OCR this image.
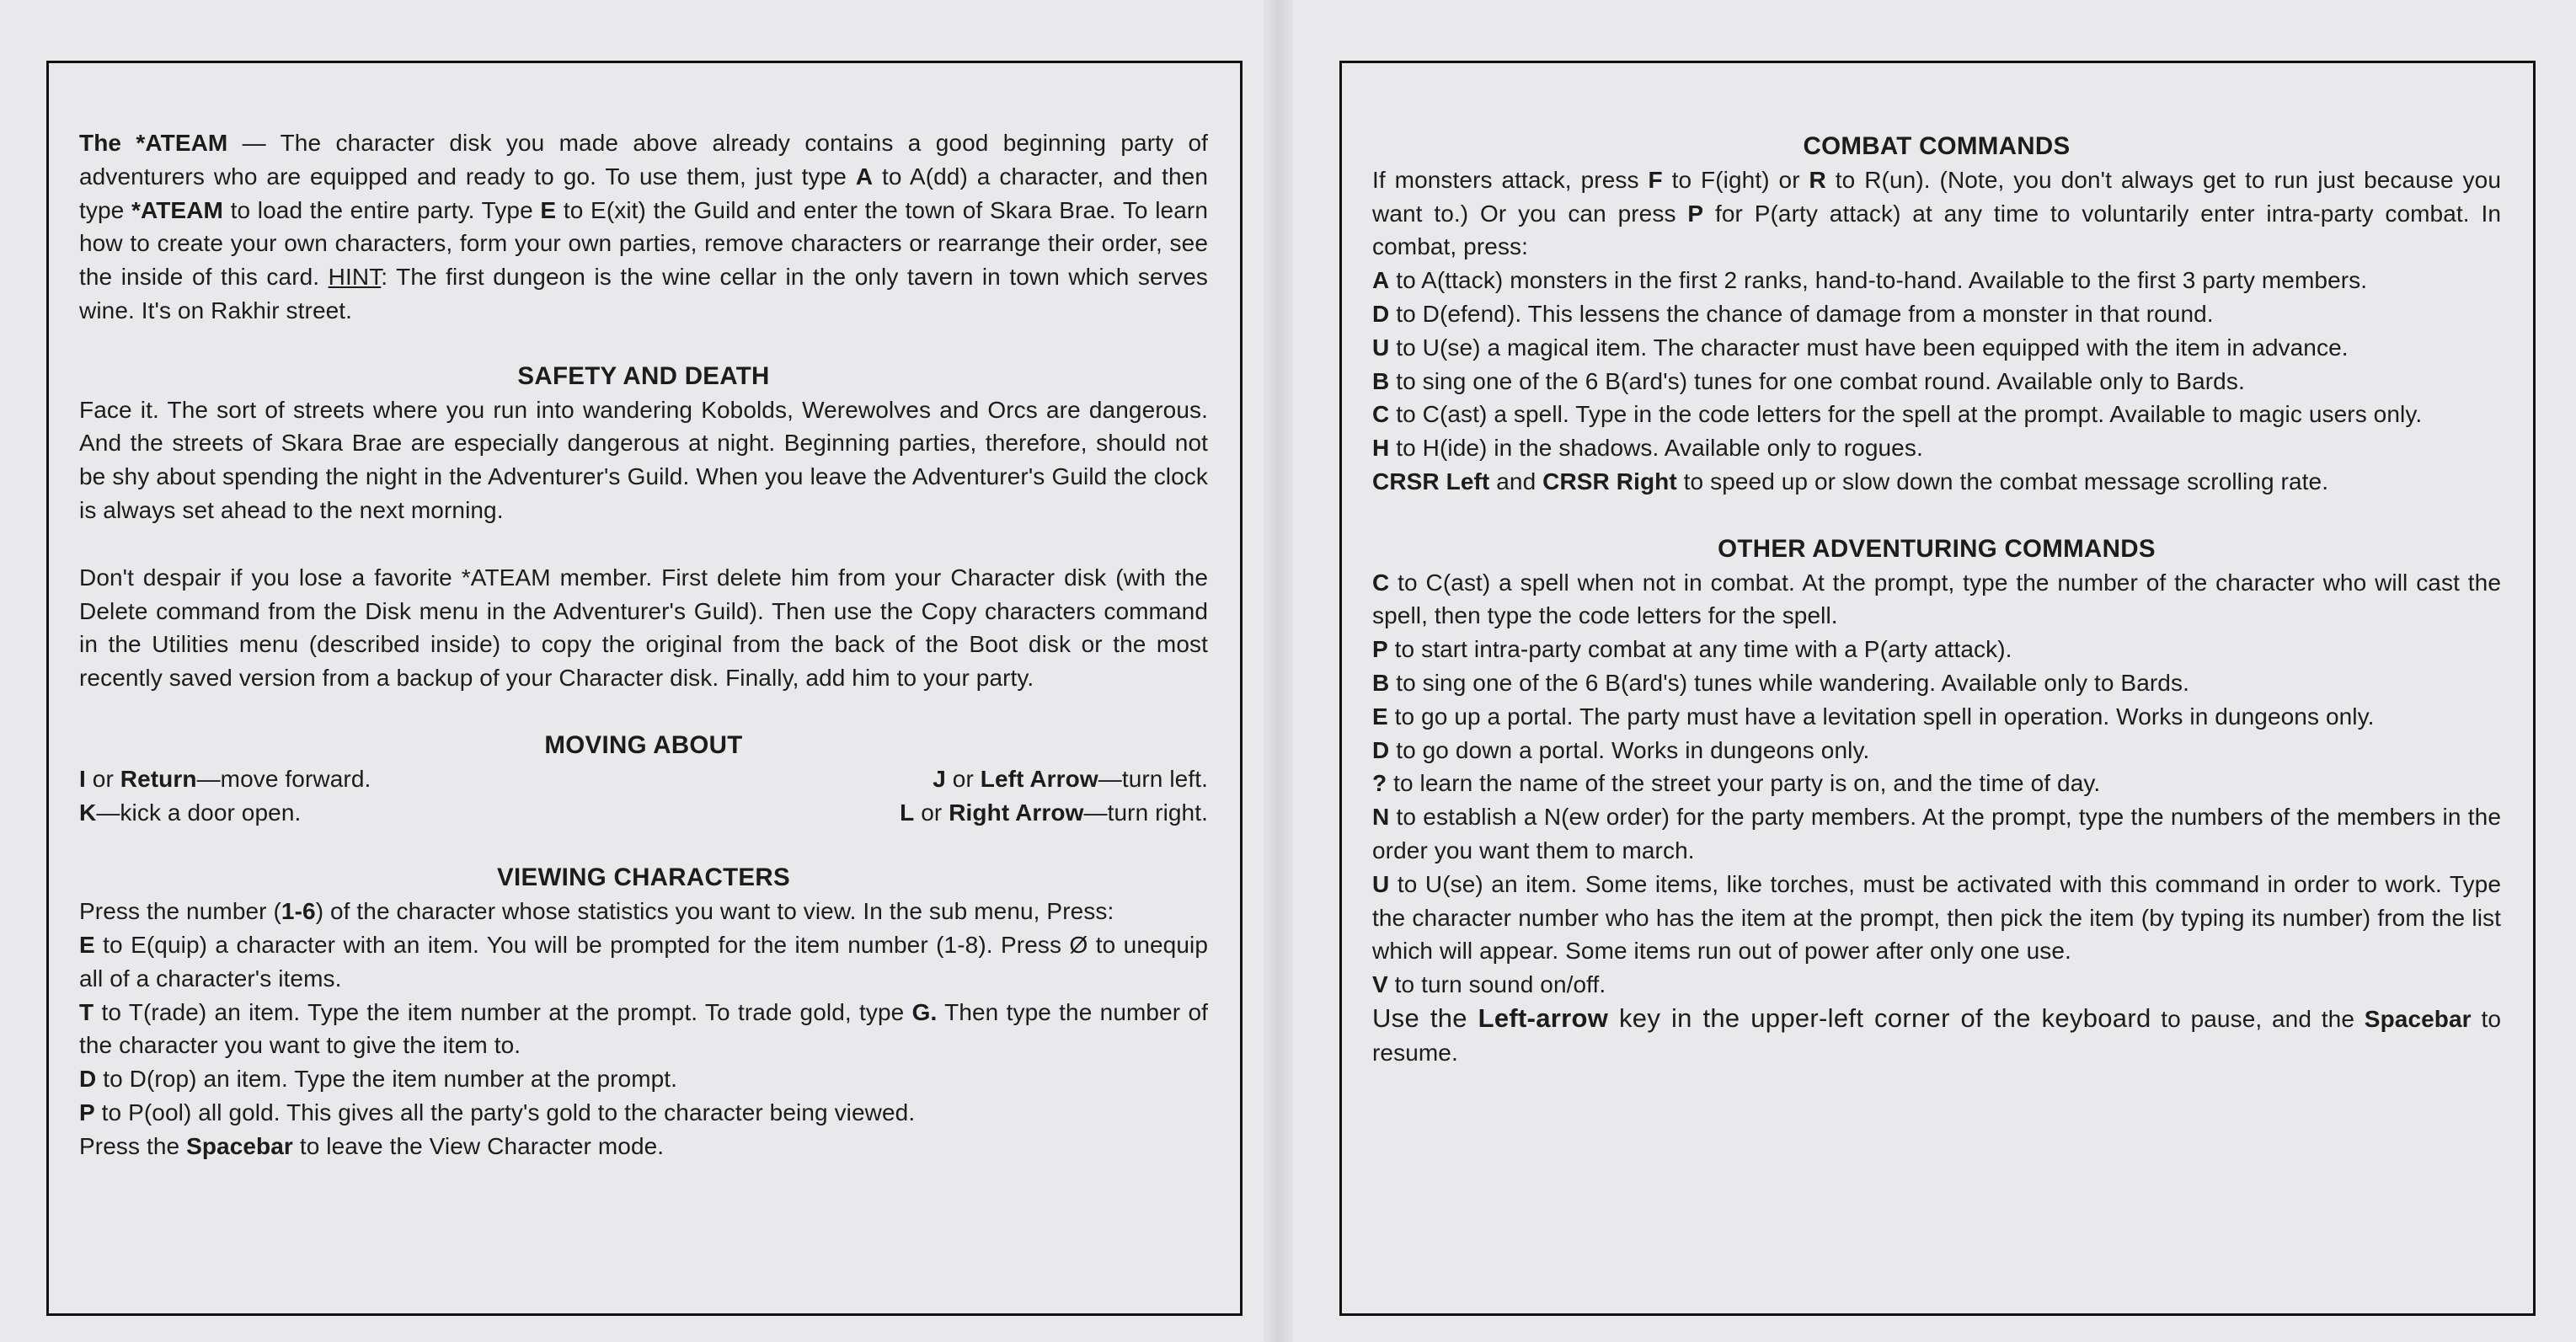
The *ATEAM — The character disk you made above already contains a good beginning party of adventurers who are equipped and ready to go. To use them, just type A to A(dd) a character, and then type *ATEAM to load the entire party. Type E to E(xit) the Guild and enter the town of Skara Brae. To learn how to create your own characters, form your own parties, remove characters or rearrange their order, see the inside of this card. HINT: The first dungeon is the wine cellar in the only tavern in town which serves wine. It's on Rakhir street.

SAFETY AND DEATH

Face it. The sort of streets where you run into wandering Kobolds, Werewolves and Orcs are dangerous. And the streets of Skara Brae are especially dangerous at night. Beginning parties, therefore, should not be shy about spending the night in the Adventurer's Guild. When you leave the Adventurer's Guild the clock is always set ahead to the next morning.

Don't despair if you lose a favorite *ATEAM member. First delete him from your Character disk (with the Delete command from the Disk menu in the Adventurer's Guild). Then use the Copy characters command in the Utilities menu (described inside) to copy the original from the back of the Boot disk or the most recently saved version from a backup of your Character disk. Finally, add him to your party.

MOVING ABOUT

I or Return—move forward.	J or Left Arrow—turn left.
K—kick a door open.	L or Right Arrow—turn right.

VIEWING CHARACTERS

Press the number (1-6) of the character whose statistics you want to view. In the sub menu, Press:

E to E(quip) a character with an item. You will be prompted for the item number (1-8). Press Ø to unequip all of a character's items.

T to T(rade) an item. Type the item number at the prompt. To trade gold, type G. Then type the number of the character you want to give the item to.

D to D(rop) an item. Type the item number at the prompt.

P to P(ool) all gold. This gives all the party's gold to the character being viewed.

Press the Spacebar to leave the View Character mode.

COMBAT COMMANDS

If monsters attack, press F to F(ight) or R to R(un). (Note, you don't always get to run just because you want to.) Or you can press P for P(arty attack) at any time to voluntarily enter intra-party combat. In combat, press:

A to A(ttack) monsters in the first 2 ranks, hand-to-hand. Available to the first 3 party members.

D to D(efend). This lessens the chance of damage from a monster in that round.

U to U(se) a magical item. The character must have been equipped with the item in advance.

B to sing one of the 6 B(ard's) tunes for one combat round. Available only to Bards.

C to C(ast) a spell. Type in the code letters for the spell at the prompt. Available to magic users only.

H to H(ide) in the shadows. Available only to rogues.

CRSR Left and CRSR Right to speed up or slow down the combat message scrolling rate.

OTHER ADVENTURING COMMANDS

C to C(ast) a spell when not in combat. At the prompt, type the number of the character who will cast the spell, then type the code letters for the spell.

P to start intra-party combat at any time with a P(arty attack).

B to sing one of the 6 B(ard's) tunes while wandering. Available only to Bards.

E to go up a portal. The party must have a levitation spell in operation. Works in dungeons only.

D to go down a portal. Works in dungeons only.

? to learn the name of the street your party is on, and the time of day.

N to establish a N(ew order) for the party members. At the prompt, type the numbers of the members in the order you want them to march.

U to U(se) an item. Some items, like torches, must be activated with this command in order to work. Type the character number who has the item at the prompt, then pick the item (by typing its number) from the list which will appear. Some items run out of power after only one use.

V to turn sound on/off.

Use the Left-arrow key in the upper-left corner of the keyboard to pause, and the Spacebar to resume.
